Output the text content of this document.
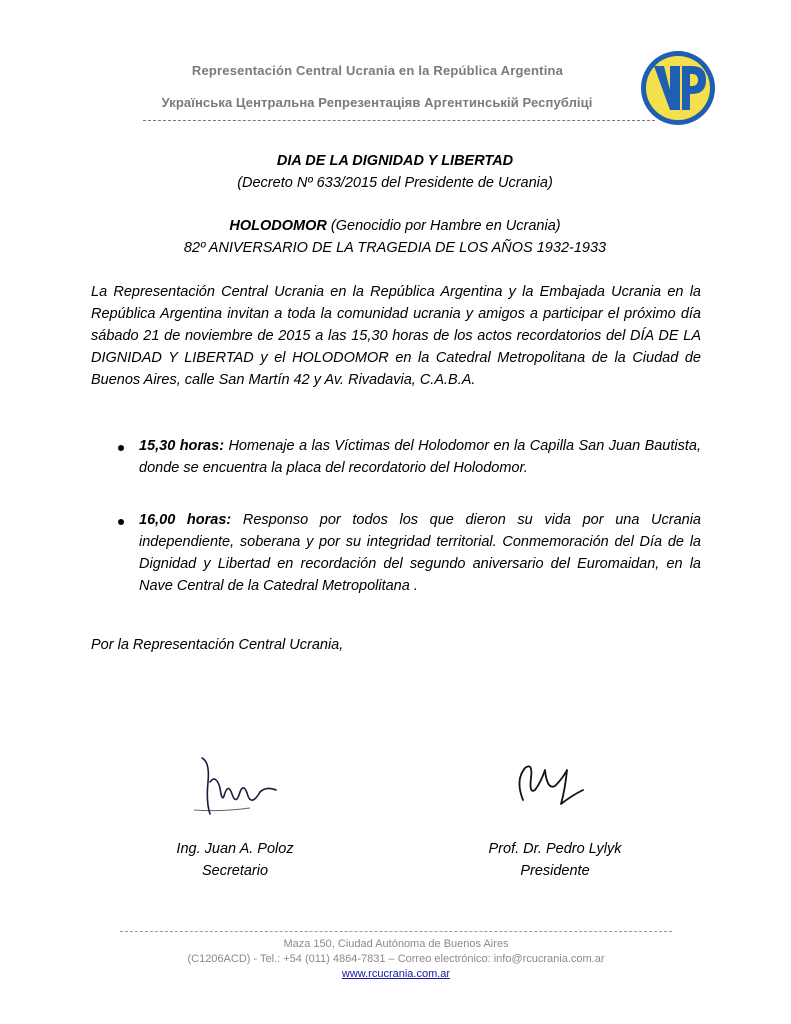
Representación Central Ucrania en la República Argentina
Українська Центральна Репрезентаціяв Аргентинській Республіці
DIA DE LA DIGNIDAD Y LIBERTAD
(Decreto Nº 633/2015 del Presidente de Ucrania)
HOLODOMOR (Genocidio por Hambre en Ucrania)
82º ANIVERSARIO DE LA TRAGEDIA DE LOS AÑOS 1932-1933
La Representación Central Ucrania en la República Argentina y la Embajada Ucrania en la República Argentina invitan a toda la comunidad ucrania y amigos a participar el próximo día sábado 21 de noviembre de 2015 a las 15,30 horas de los actos recordatorios del DÍA DE LA DIGNIDAD Y LIBERTAD y el HOLODOMOR en la Catedral Metropolitana de la Ciudad de Buenos Aires, calle San Martín 42 y Av. Rivadavia, C.A.B.A.
15,30 horas: Homenaje a las Víctimas del Holodomor en la Capilla San Juan Bautista, donde se encuentra la placa del recordatorio del Holodomor.
16,00 horas: Responso por todos los que dieron su vida por una Ucrania independiente, soberana y por su integridad territorial. Conmemoración del Día de la Dignidad y Libertad en recordación del segundo aniversario del Euromaidan, en la Nave Central de la Catedral Metropolitana .
Por la Representación Central Ucrania,
Ing. Juan A. Poloz
Secretario
Prof. Dr. Pedro Lylyk
Presidente
Maza 150, Ciudad Autónoma de Buenos Aires
(C1206ACD) - Tel.: +54 (011) 4864-7831 – Correo electrónico: info@rcucrania.com.ar
www.rcucrania.com.ar
